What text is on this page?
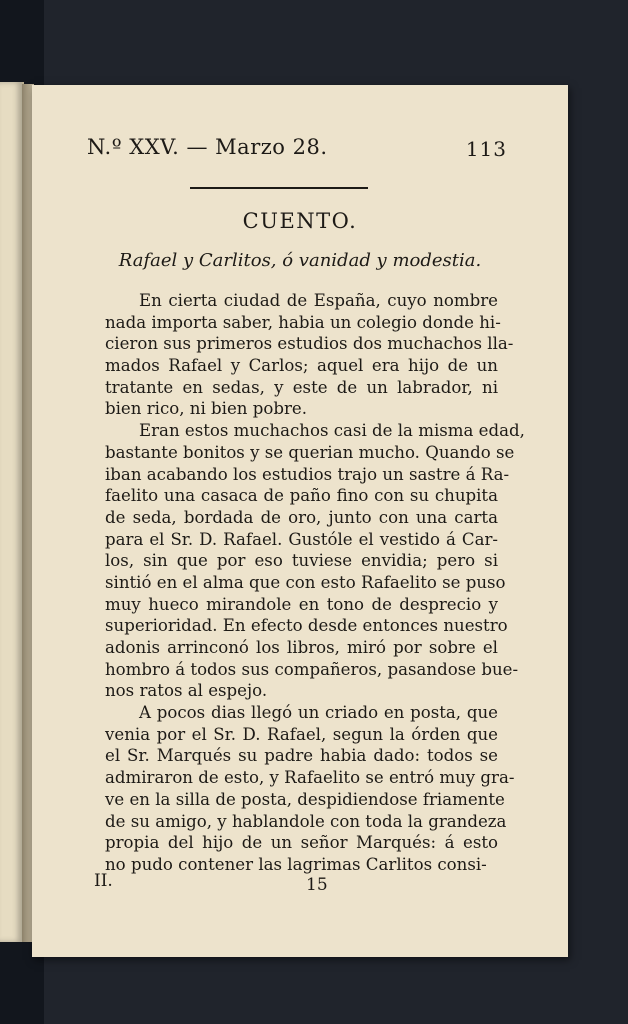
N.º XXV. — Marzo 28.	113
CUENTO.
Rafael y Carlitos, ó vanidad y modestia.
En cierta ciudad de España, cuyo nombre
nada importa saber, habia un colegio donde hi-
cieron sus primeros estudios dos muchachos lla-
mados Rafael y Carlos; aquel era hijo de un
tratante en sedas, y este de un labrador, ni
bien rico, ni bien pobre.
Eran estos muchachos casi de la misma edad,
bastante bonitos y se querian mucho. Quando se
iban acabando los estudios trajo un sastre á Ra-
faelito una casaca de paño fino con su chupita
de seda, bordada de oro, junto con una carta
para el Sr. D. Rafael. Gustóle el vestido á Car-
los, sin que por eso tuviese envidia; pero si
sintió en el alma que con esto Rafaelito se puso
muy hueco mirandole en tono de desprecio y
superioridad. En efecto desde entonces nuestro
adonis arrinconó los libros, miró por sobre el
hombro á todos sus compañeros, pasandose bue-
nos ratos al espejo.
A pocos dias llegó un criado en posta, que
venia por el Sr. D. Rafael, segun la órden que
el Sr. Marqués su padre habia dado: todos se
admiraron de esto, y Rafaelito se entró muy gra-
ve en la silla de posta, despidiendose friamente
de su amigo, y hablandole con toda la grandeza
propia del hijo de un señor Marqués: á esto
no pudo contener las lagrimas Carlitos consi-
II.	15
